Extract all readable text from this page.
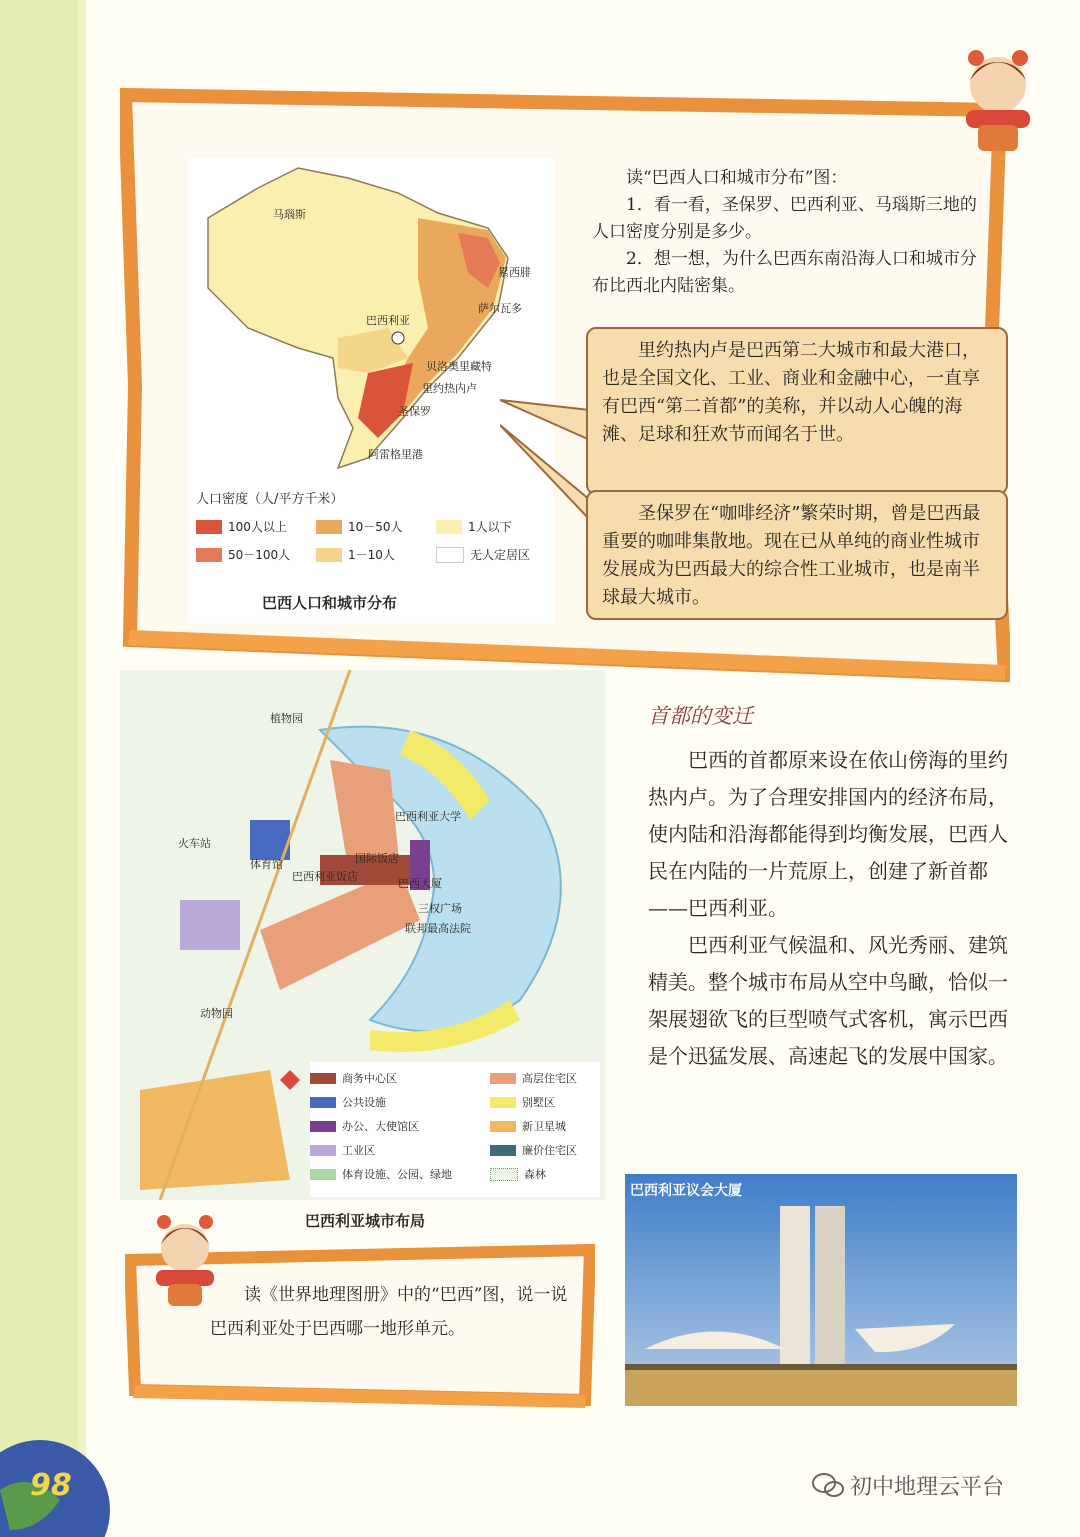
马瑙斯
累西腓
萨尔瓦多
巴西利亚
贝洛奥里藏特
里约热内卢
圣保罗
阿雷格里港
人口密度（人/平方千米）
100人以上	10－50人	1人以下
50－100人	1－10人	无人定居区
巴西人口和城市分布

读“巴西人口和城市分布”图：

1．看一看，圣保罗、巴西利亚、马瑙斯三地的人口密度分别是多少。

2．想一想，为什么巴西东南沿海人口和城市分布比西北内陆密集。

里约热内卢是巴西第二大城市和最大港口，也是全国文化、工业、商业和金融中心，一直享有巴西“第二首都”的美称，并以动人心魄的海滩、足球和狂欢节而闻名于世。
圣保罗在“咖啡经济”繁荣时期，曾是巴西最重要的咖啡集散地。现在已从单纯的商业性城市发展成为巴西最大的综合性工业城市，也是南半球最大城市。
植物园
巴西利亚大学
火车站
体育馆	国际饭店
巴西利亚饭店
巴西大厦
三权广场
联邦最高法院
动物园
商务中心区	高层住宅区
公共设施	别墅区
办公、大使馆区	新卫星城
工业区	廉价住宅区
体育设施、公园、绿地	森林
巴西利亚城市布局
首都的变迁

巴西的首都原来设在依山傍海的里约热内卢。为了合理安排国内的经济布局，使内陆和沿海都能得到均衡发展，巴西人民在内陆的一片荒原上，创建了新首都——巴西利亚。

巴西利亚气候温和、风光秀丽、建筑精美。整个城市布局从空中鸟瞰，恰似一架展翅欲飞的巨型喷气式客机，寓示巴西是个迅猛发展、高速起飞的发展中国家。

巴西利亚议会大厦

读《世界地理图册》中的“巴西”图，说一说巴西利亚处于巴西哪一地形单元。

98	初中地理云平台
